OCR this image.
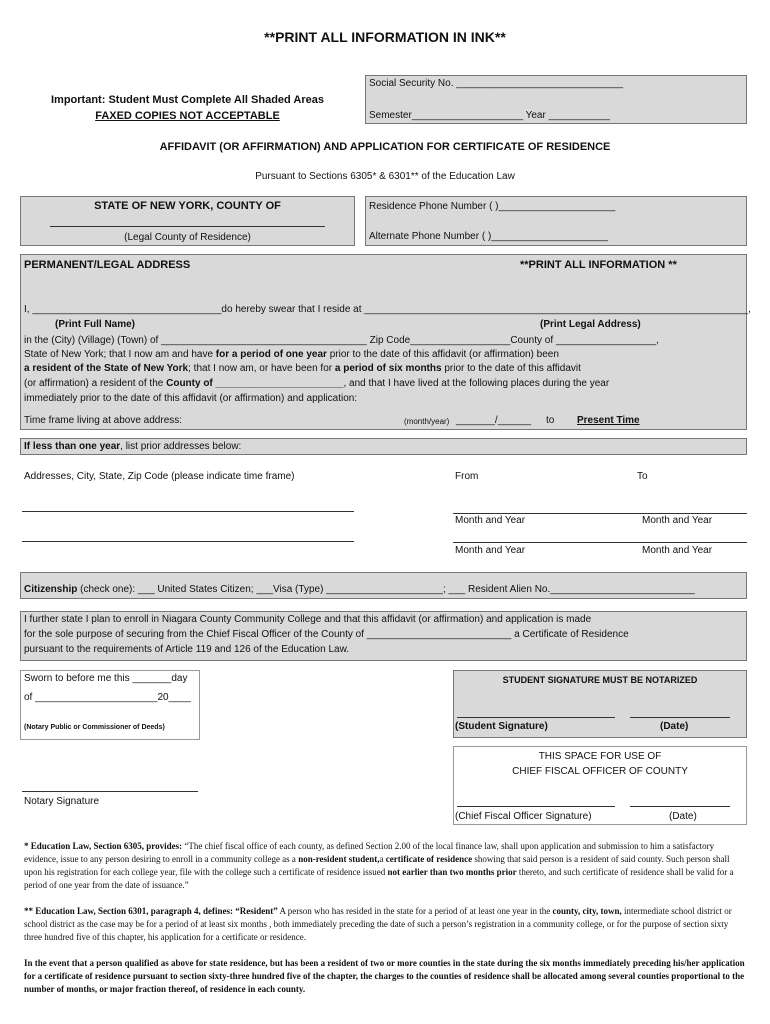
**PRINT ALL INFORMATION IN INK**
Important: Student Must Complete All Shaded Areas
FAXED COPIES NOT ACCEPTABLE
Social Security No. ______________________________
Semester____________________ Year ___________
AFFIDAVIT (OR AFFIRMATION) AND APPLICATION FOR CERTIFICATE OF RESIDENCE
Pursuant to Sections 6305* & 6301** of the Education Law
STATE OF NEW YORK, COUNTY OF
(Legal County of Residence)
Residence Phone Number ( )_____________________
Alternate Phone Number ( )_____________________
PERMANENT/LEGAL ADDRESS	**PRINT ALL INFORMATION **
I, __________________________________do hereby swear that I reside at _____________________________________________________________________,
(Print Full Name)	(Print Legal Address)
in the (City) (Village) (Town) of _____________________________________ Zip Code__________________County of __________________,
State of New York; that I now am and have for a period of one year prior to the date of this affidavit (or affirmation) been
a resident of the State of New York; that I now am, or have been for a period of six months prior to the date of this affidavit
(or affirmation) a resident of the County of _______________________, and that I have lived at the following places during the year
immediately prior to the date of this affidavit (or affirmation) and application:
Time frame living at above address:	(month/year) _______/______ to Present Time
If less than one year, list prior addresses below:
Addresses, City, State, Zip Code (please indicate time frame)	From	To
Month and Year	Month and Year
Month and Year	Month and Year
Citizenship (check one): ___ United States Citizen; ___Visa (Type) _____________________; ___ Resident Alien No.__________________________
I further state I plan to enroll in Niagara County Community College and that this affidavit (or affirmation) and application is made
for the sole purpose of securing from the Chief Fiscal Officer of the County of __________________________ a Certificate of Residence
pursuant to the requirements of Article 119 and 126 of the Education Law.
Sworn to before me this _______day
of ______________________20____
(Notary Public or Commissioner of Deeds)
Notary Signature
STUDENT SIGNATURE MUST BE NOTARIZED
(Student Signature)	(Date)
THIS SPACE FOR USE OF
CHIEF FISCAL OFFICER OF COUNTY
(Chief Fiscal Officer Signature)	(Date)
* Education Law, Section 6305, provides: “The chief fiscal office of each county, as defined Section 2.00 of the local finance law, shall upon application and submission to him a satisfactory evidence, issue to any person desiring to enroll in a community college as a non-resident student,a certificate of residence showing that said person is a resident of said county. Such person shall upon his registration for each college year, file with the college such a certificate of residence issued not earlier than two months prior thereto, and such certificate of residence shall be valid for a period of one year from the date of issuance.”
** Education Law, Section 6301, paragraph 4, defines: “Resident” A person who has resided in the state for a period of at least one year in the county, city, town, intermediate school district or school district as the case may be for a period of at least six months , both immediately preceding the date of such a person’s registration in a community college, or for the purpose of section sixty three hundred five of this chapter, his application for a certificate or residence.
In the event that a person qualified as above for state residence, but has been a resident of two or more counties in the state during the six months immediately preceding his/her application for a certificate of residence pursuant to section sixty-three hundred five of the chapter, the charges to the counties of residence shall be allocated among several counties proportional to the number of months, or major fraction thereof, of residence in each county.
